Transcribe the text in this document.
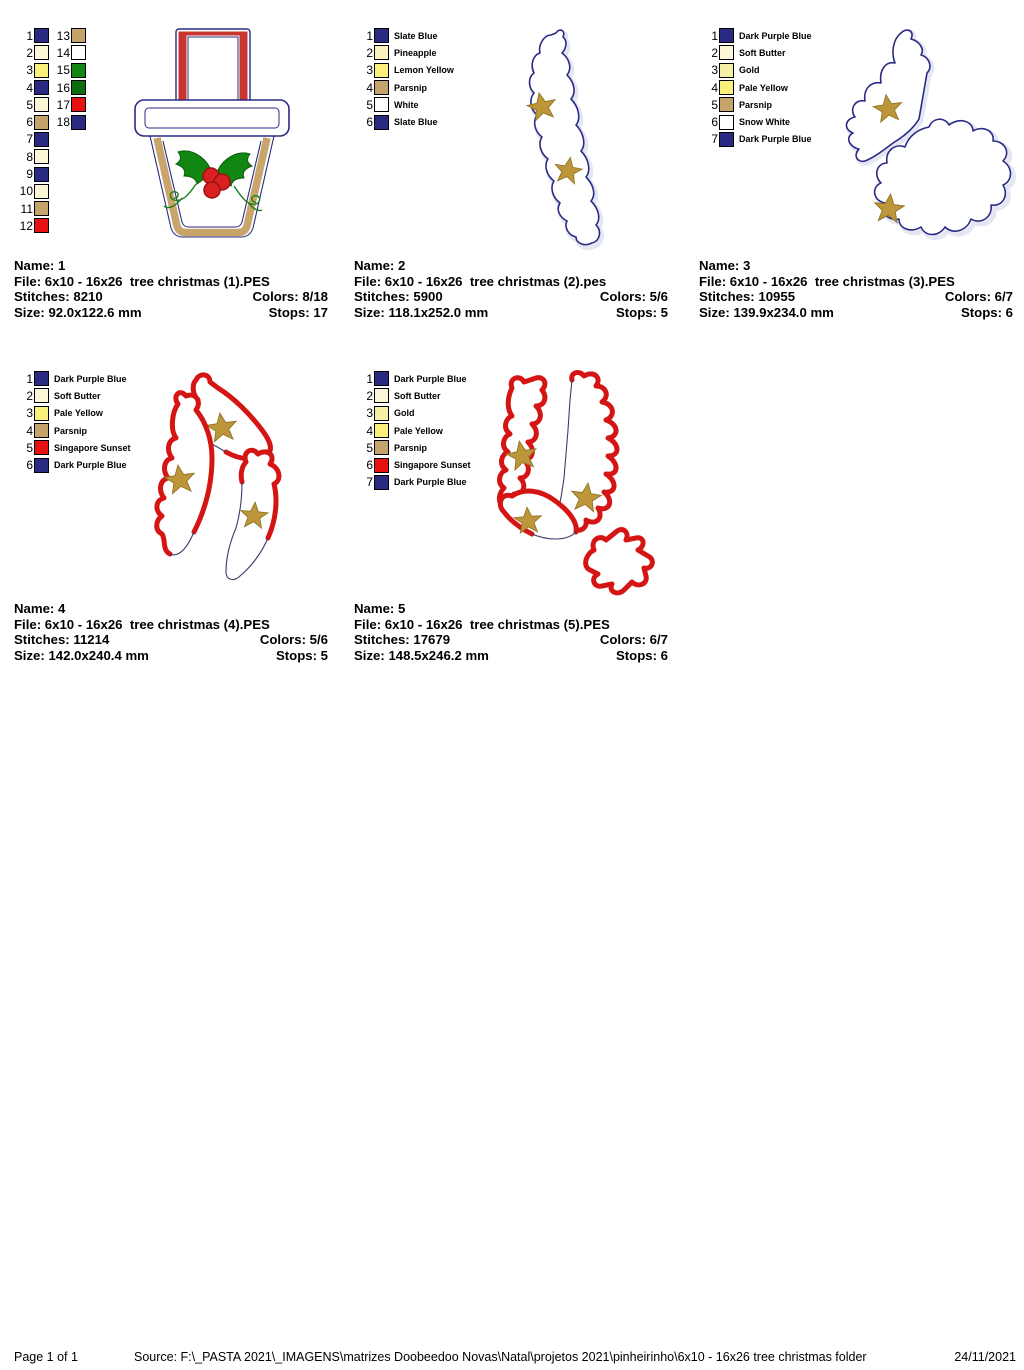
1
2
3
4
5
6
7
8
9
10
11
12
13
14
15
16
17
18
Name: 1
File: 6x10 - 16x26  tree christmas (1).PES
Stitches: 8210	Colors: 8/18
Size: 92.0x122.6 mm	Stops: 17
1 Slate Blue
2 Pineapple
3 Lemon Yellow
4 Parsnip
5 White
6 Slate Blue
Name: 2
File: 6x10 - 16x26  tree christmas (2).pes
Stitches: 5900	Colors: 5/6
Size: 118.1x252.0 mm	Stops: 5
1 Dark Purple Blue
2 Soft Butter
3 Gold
4 Pale Yellow
5 Parsnip
6 Snow White
7 Dark Purple Blue
Name: 3
File: 6x10 - 16x26  tree christmas (3).PES
Stitches: 10955	Colors: 6/7
Size: 139.9x234.0 mm	Stops: 6
1 Dark Purple Blue
2 Soft Butter
3 Pale Yellow
4 Parsnip
5 Singapore Sunset
6 Dark Purple Blue
Name: 4
File: 6x10 - 16x26  tree christmas (4).PES
Stitches: 11214	Colors: 5/6
Size: 142.0x240.4 mm	Stops: 5
1 Dark Purple Blue
2 Soft Butter
3 Gold
4 Pale Yellow
5 Parsnip
6 Singapore Sunset
7 Dark Purple Blue
Name: 5
File: 6x10 - 16x26  tree christmas (5).PES
Stitches: 17679	Colors: 6/7
Size: 148.5x246.2 mm	Stops: 6
Page 1 of 1	Source: F:\_PASTA 2021\_IMAGENS\matrizes Doobeedoo Novas\Natal\projetos 2021\pinheirinho\6x10 - 16x26 tree christmas folder	24/11/2021
